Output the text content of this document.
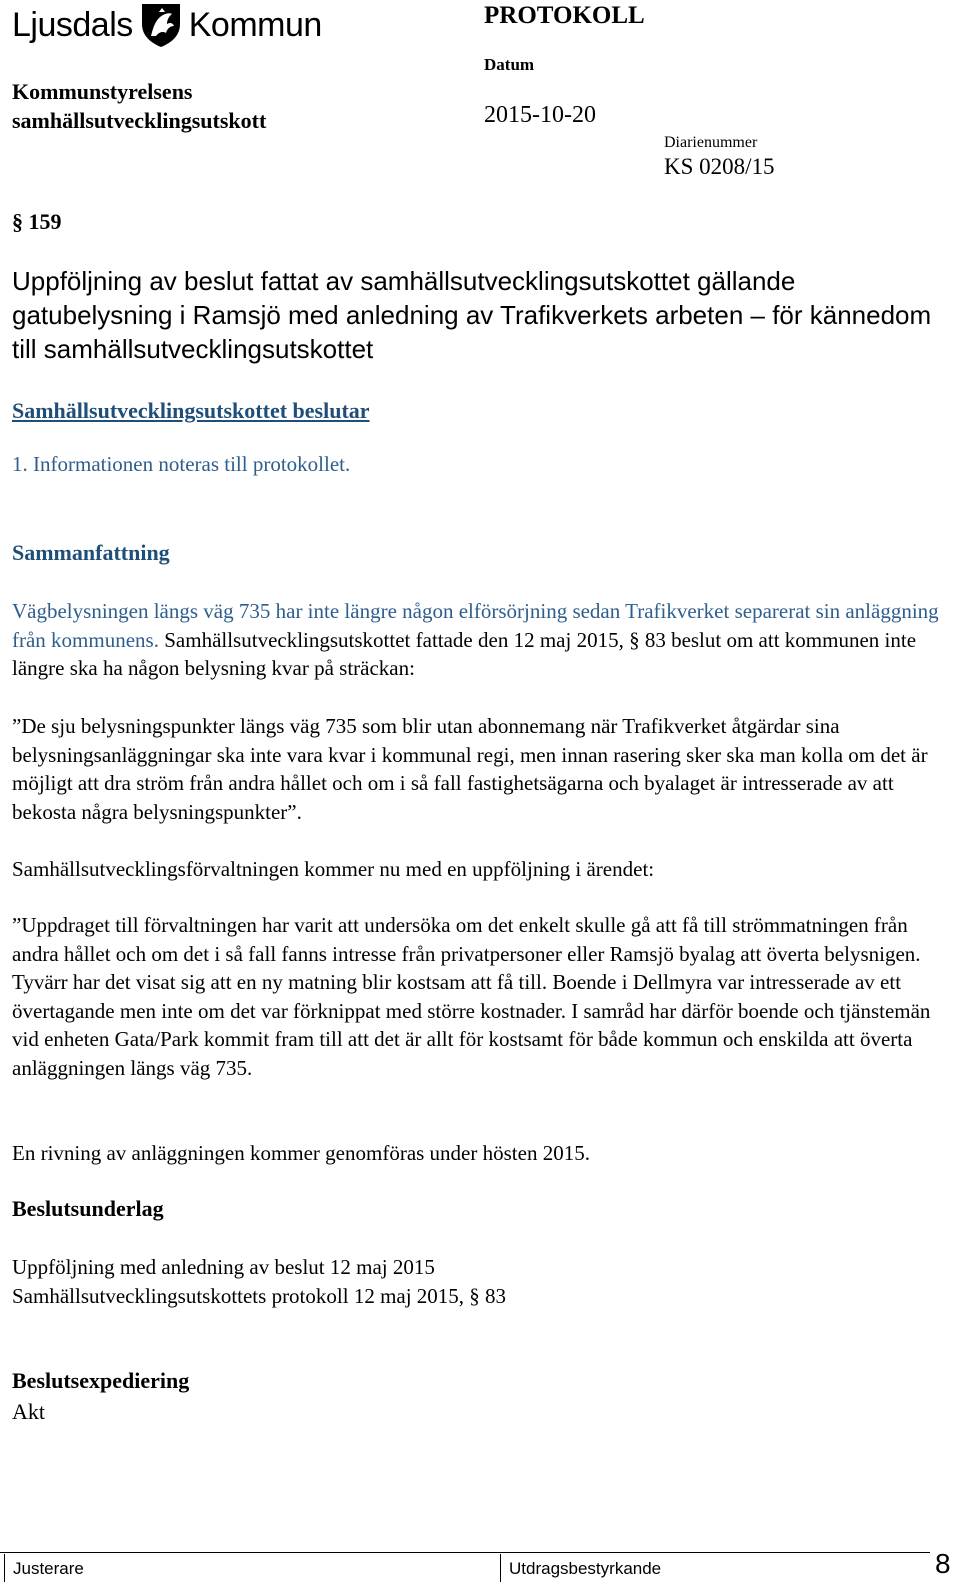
Ljusdals Kommun	PROTOKOLL
Datum
2015-10-20
Diarienummer
KS 0208/15
Kommunstyrelsens
samhällsutvecklingsutskott
§ 159
Uppföljning av beslut fattat av samhällsutvecklingsutskottet gällande gatubelysning i Ramsjö med anledning av Trafikverkets arbeten – för kännedom till samhällsutvecklingsutskottet
Samhällsutvecklingsutskottet beslutar
1. Informationen noteras till protokollet.
Sammanfattning
Vägbelysningen längs väg 735 har inte längre någon elförsörjning sedan Trafikverket separerat sin anläggning från kommunens. Samhällsutvecklingsutskottet fattade den 12 maj 2015, § 83 beslut om att kommunen inte längre ska ha någon belysning kvar på sträckan:
”De sju belysningspunkter längs väg 735 som blir utan abonnemang när Trafikverket åtgärdar sina belysningsanläggningar ska inte vara kvar i kommunal regi, men innan rasering sker ska man kolla om det är möjligt att dra ström från andra hållet och om i så fall fastighetsägarna och byalaget är intresserade av att bekosta några belysningspunkter”.
Samhällsutvecklingsförvaltningen kommer nu med en uppföljning i ärendet:
”Uppdraget till förvaltningen har varit att undersöka om det enkelt skulle gå att få till strömmatningen från andra hållet och om det i så fall fanns intresse från privatpersoner eller Ramsjö byalag att överta belysnigen. Tyvärr har det visat sig att en ny matning blir kostsam att få till. Boende i Dellmyra var intresserade av ett övertagande men inte om det var förknippat med större kostnader. I samråd har därför boende och tjänstemän vid enheten Gata/Park kommit fram till att det är allt för kostsamt för både kommun och enskilda att överta anläggningen längs väg 735.
En rivning av anläggningen kommer genomföras under hösten 2015.
Beslutsunderlag
Uppföljning med anledning av beslut 12 maj 2015
Samhällsutvecklingsutskottets protokoll 12 maj 2015, § 83
Beslutsexpediering
Akt
Justerare	Utdragsbestyrkande	8
